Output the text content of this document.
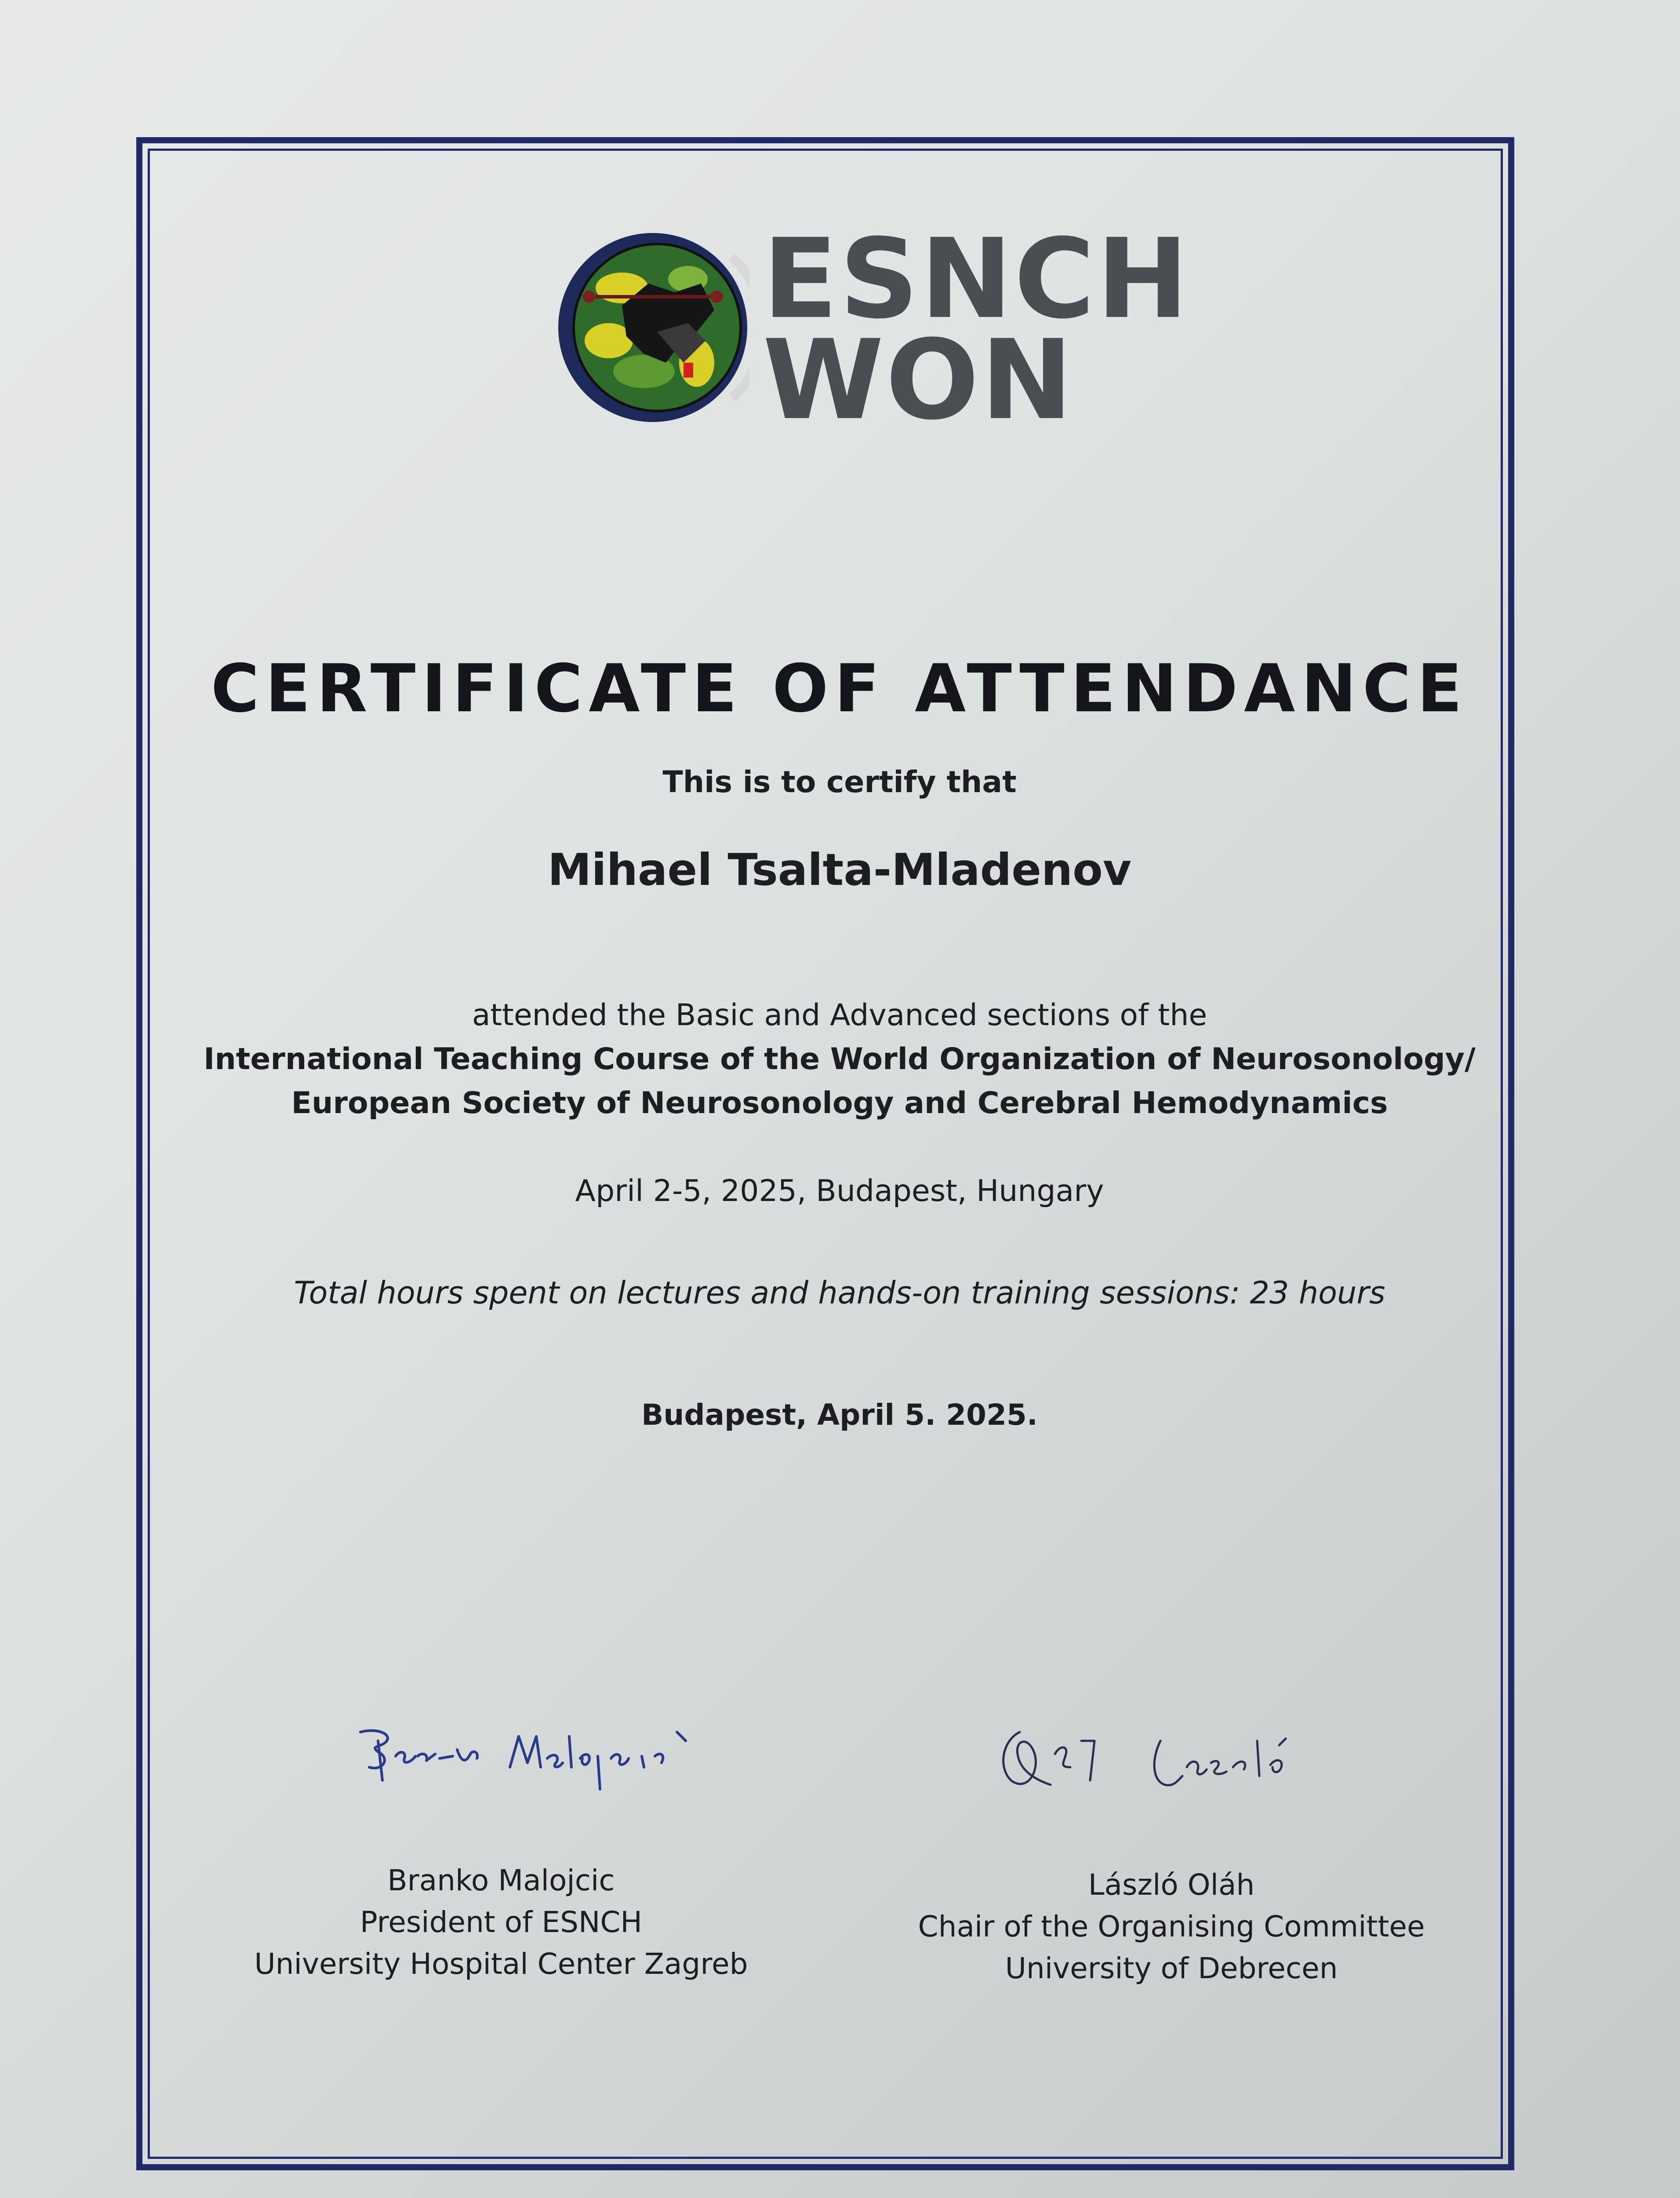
ESNCH
WON
CERTIFICATE OF ATTENDANCE
This is to certify that
Mihael Tsalta-Mladenov
attended the Basic and Advanced sections of the
International Teaching Course of the World Organization of Neurosonology/
European Society of Neurosonology and Cerebral Hemodynamics
April 2-5, 2025, Budapest, Hungary
Total hours spent on lectures and hands-on training sessions: 23 hours
Budapest, April 5. 2025.
Branko Malojcic
President of ESNCH
University Hospital Center Zagreb
László Oláh
Chair of the Organising Committee
University of Debrecen
